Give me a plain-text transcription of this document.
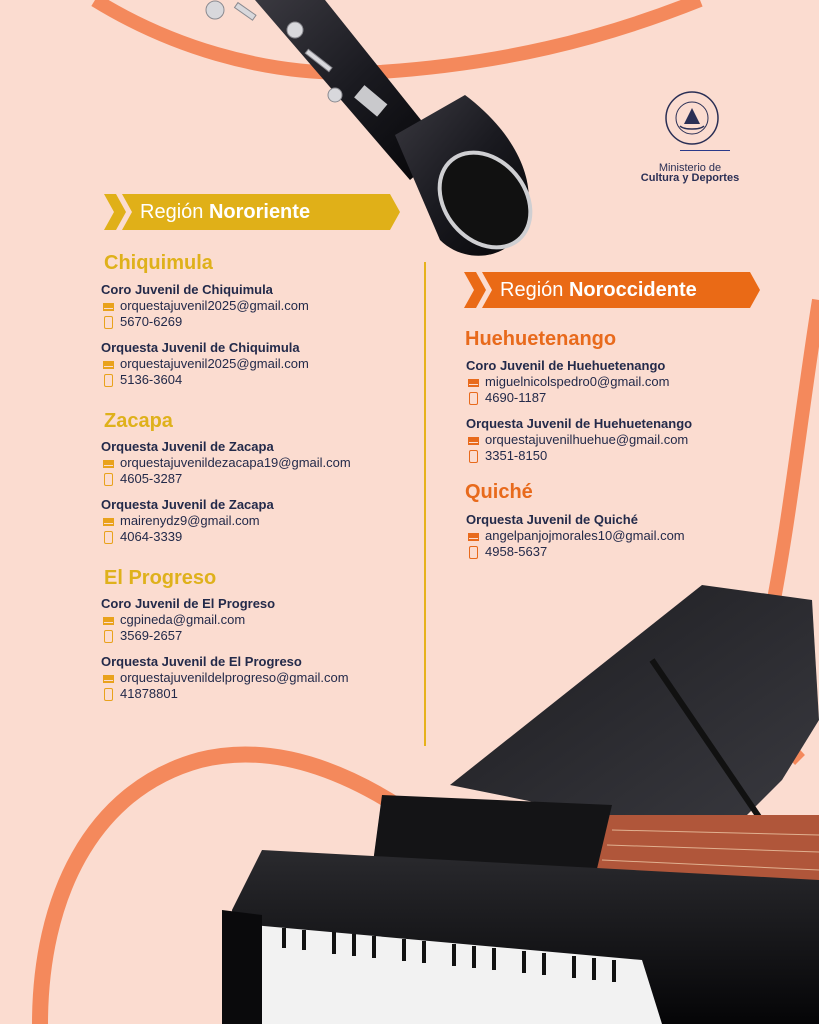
Ministerio de
Cultura y Deportes
Región Nororiente
Región Noroccidente
Chiquimula
Coro Juvenil de Chiquimula
orquestajuvenil2025@gmail.com
5670-6269
Orquesta Juvenil de Chiquimula
orquestajuvenil2025@gmail.com
5136-3604
Zacapa
Orquesta Juvenil de Zacapa
orquestajuvenildezacapa19@gmail.com
4605-3287
Orquesta Juvenil de Zacapa
mairenydz9@gmail.com
4064-3339
El Progreso
Coro Juvenil de El Progreso
cgpineda@gmail.com
3569-2657
Orquesta Juvenil de El Progreso
orquestajuvenildelprogreso@gmail.com
41878801
Huehuetenango
Coro Juvenil de Huehuetenango
miguelnicolspedro0@gmail.com
4690-1187
Orquesta Juvenil de Huehuetenango
orquestajuvenilhuehue@gmail.com
3351-8150
Quiché
Orquesta Juvenil de Quiché
angelpanjojmorales10@gmail.com
4958-5637
